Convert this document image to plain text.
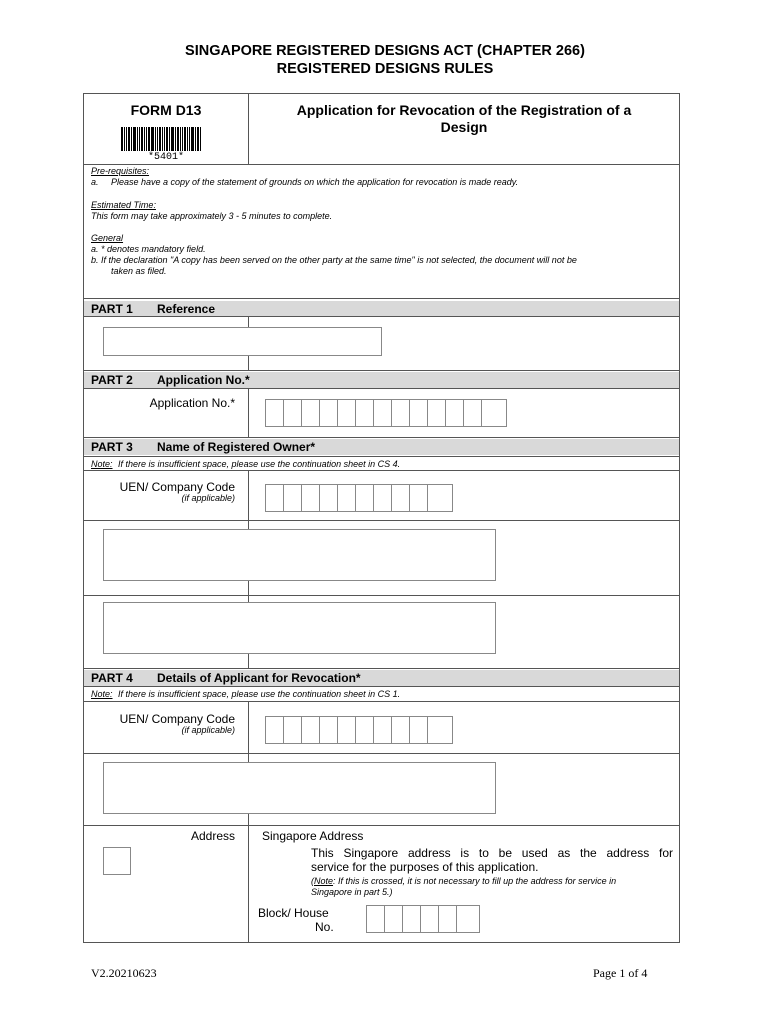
SINGAPORE REGISTERED DESIGNS ACT (CHAPTER 266)
REGISTERED DESIGNS RULES
FORM D13
*5401*
Application for Revocation of the Registration of a
Design
Pre-requisites:
a. Please have a copy of the statement of grounds on which the application for revocation is made ready.
Estimated Time:
This form may take approximately 3 - 5 minutes to complete.
General
a. * denotes mandatory field.
b. If the declaration "A copy has been served on the other party at the same time" is not selected, the document will not be
taken as filed.
PART 1 Reference
PART 2 Application No.*
Application No.*
PART 3 Name of Registered Owner*
Note: If there is insufficient space, please use the continuation sheet in CS 4.
UEN/ Company Code
(if applicable)
PART 4 Details of Applicant for Revocation*
Note: If there is insufficient space, please use the continuation sheet in CS 1.
UEN/ Company Code
(if applicable)
Address Singapore Address
This Singapore address is to be used as the address for
service for the purposes of this application.
(Note: If this is crossed, it is not necessary to fill up the address for service in
Singapore in part 5.)
Block/ House
No.
V2.20210623	Page 1 of 4
